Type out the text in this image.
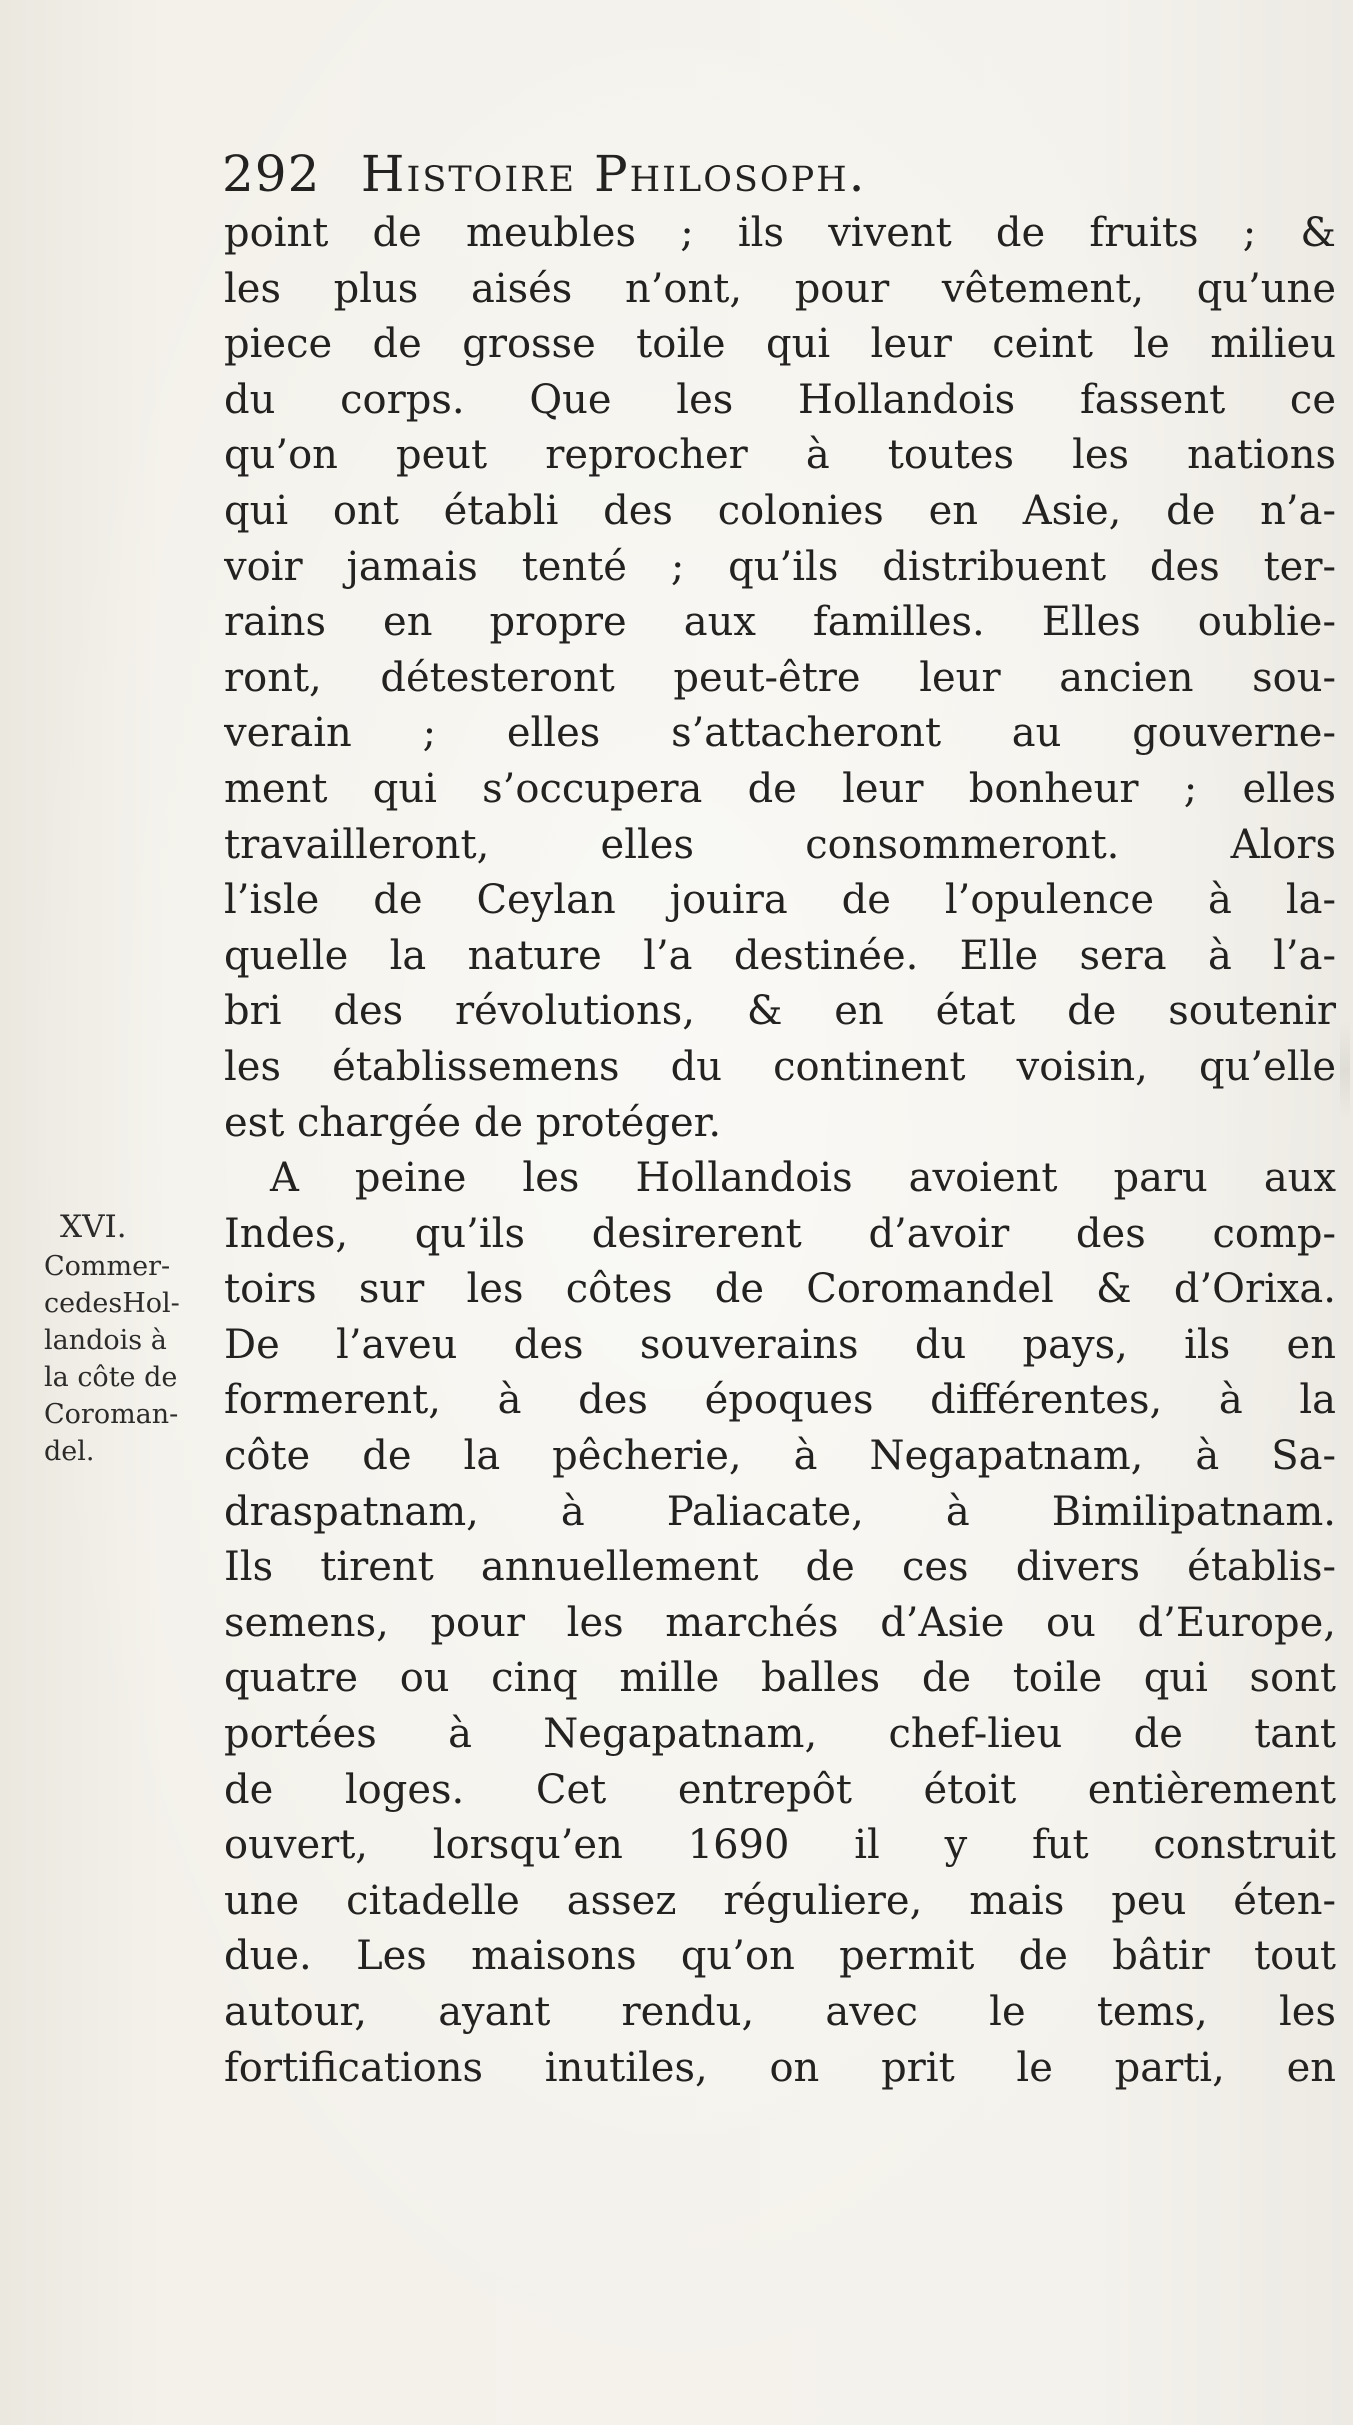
292 Histoire Philosoph.
XVI.
Commer-
cedesHol-
landois à
la côte de
Coroman-
del.
point de meubles ; ils vivent de fruits ; &
les plus aisés n’ont, pour vêtement, qu’une
piece de grosse toile qui leur ceint le milieu
du corps. Que les Hollandois fassent ce
qu’on peut reprocher à toutes les nations
qui ont établi des colonies en Asie, de n’a-
voir jamais tenté ; qu’ils distribuent des ter-
rains en propre aux familles. Elles oublie-
ront, détesteront peut-être leur ancien sou-
verain ; elles s’attacheront au gouverne-
ment qui s’occupera de leur bonheur ; elles
travailleront, elles consommeront. Alors
l’isle de Ceylan jouira de l’opulence à la-
quelle la nature l’a destinée. Elle sera à l’a-
bri des révolutions, & en état de soutenir
les établissemens du continent voisin, qu’elle
est chargée de protéger.
A peine les Hollandois avoient paru aux
Indes, qu’ils desirerent d’avoir des comp-
toirs sur les côtes de Coromandel & d’Orixa.
De l’aveu des souverains du pays, ils en
formerent, à des époques différentes, à la
côte de la pêcherie, à Negapatnam, à Sa-
draspatnam, à Paliacate, à Bimilipatnam.
Ils tirent annuellement de ces divers établis-
semens, pour les marchés d’Asie ou d’Europe,
quatre ou cinq mille balles de toile qui sont
portées à Negapatnam, chef-lieu de tant
de loges. Cet entrepôt étoit entièrement
ouvert, lorsqu’en 1690 il y fut construit
une citadelle assez réguliere, mais peu éten-
due. Les maisons qu’on permit de bâtir tout
autour, ayant rendu, avec le tems, les
fortifications inutiles, on prit le parti, en
